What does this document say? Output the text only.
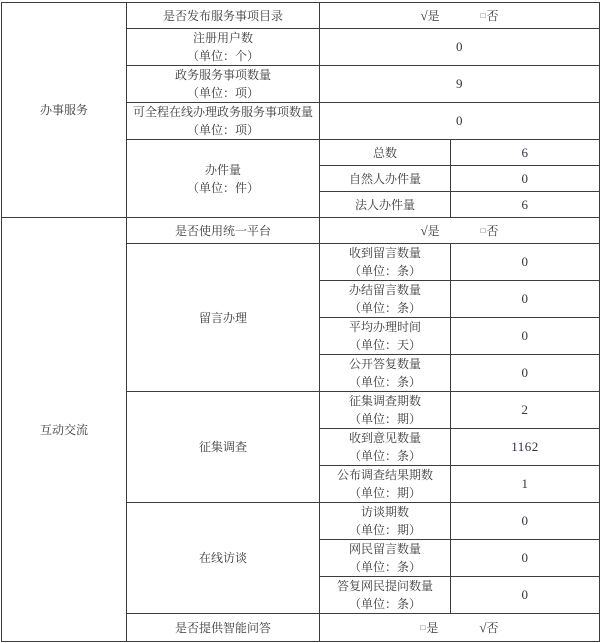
办事服务	是否发布服务事项目录	√是 □否	

	注册用户数
（单位：个）	0	

	政务服务事项数量
（单位：项）	9	

	可全程在线办理政务服务事项数量
（单位：项）	0	

	办件量
（单位：件）	总数	6
		自然人办件量	0
		法人办件量	6
互动交流	是否使用统一平台	√是 □否	
	留言办理	收到留言数量
（单位：条）	0

		办结留言数量
（单位：条）	0

		平均办理时间
（单位：天）	0

		公开答复数量
（单位：条）	0
	征集调查	征集调查期数
（单位：期）	2

		收到意见数量
（单位：条）	1162

		公布调查结果期数
（单位：期）	1
	在线访谈	访谈期数
（单位：期）	0

		网民留言数量
（单位：条）	0

		答复网民提问数量
（单位：条）	0
	是否提供智能问答	□是 √否	
